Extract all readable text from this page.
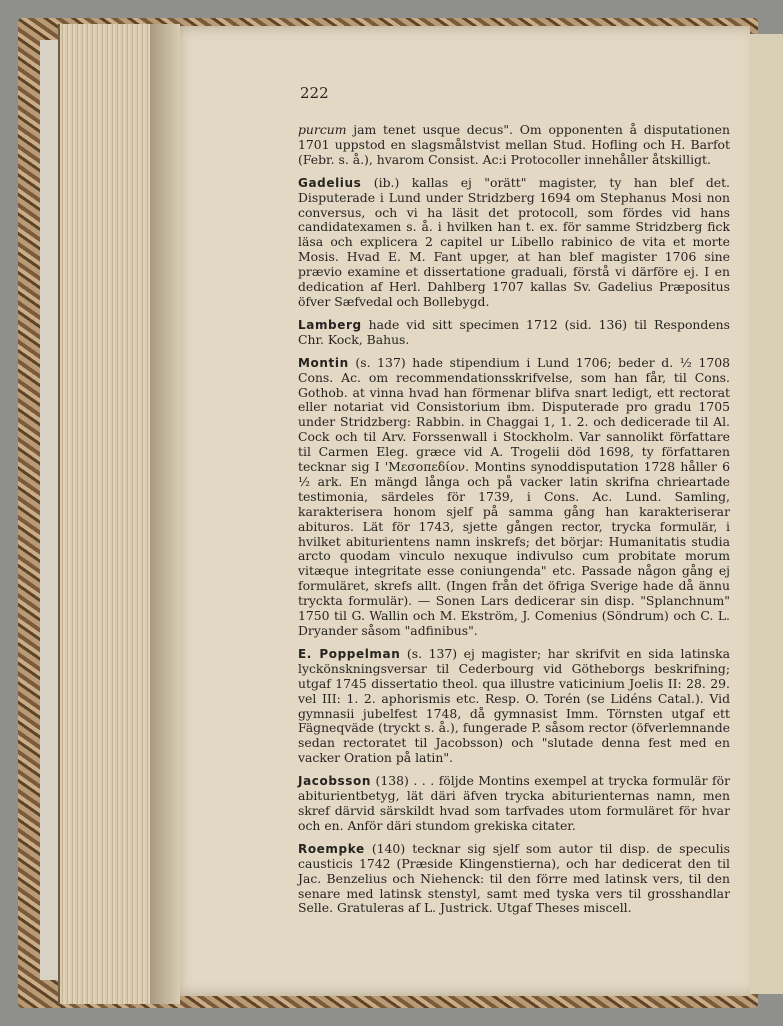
222

purcum jam tenet usque decus". Om opponenten å disputationen 1701 uppstod en slagsmålstvist mellan Stud. Hofling och H. Barfot (Febr. s. å.), hvarom Consist. Ac:i Protocoller innehåller åtskilligt.

Gadelius (ib.) kallas ej "orätt" magister, ty han blef det. Disputerade i Lund under Stridzberg 1694 om Stephanus Mosi non conversus, och vi ha läsit det protocoll, som fördes vid hans candidatexamen s. å. i hvilken han t. ex. för samme Stridzberg fick läsa och explicera 2 capitel ur Libello rabinico de vita et morte Mosis. Hvad E. M. Fant upger, at han blef magister 1706 sine prævio examine et dissertatione graduali, förstå vi därföre ej. I en dedication af Herl. Dahlberg 1707 kallas Sv. Gadelius Præpositus öfver Sæfvedal och Bollebygd.

Lamberg hade vid sitt specimen 1712 (sid. 136) til Respondens Chr. Kock, Bahus.

Montin (s. 137) hade stipendium i Lund 1706; beder d. ½ 1708 Cons. Ac. om recommendationsskrifvelse, som han får, til Cons. Gothob. at vinna hvad han förmenar blifva snart ledigt, ett rectorat eller notariat vid Consistorium ibm. Disputerade pro gradu 1705 under Stridzberg: Rabbin. in Chaggai 1, 1. 2. och dedicerade til Al. Cock och til Arv. Forssenwall i Stockholm. Var sannolikt författare til Carmen Eleg. græce vid A. Trogelii död 1698, ty författaren tecknar sig Ι 'Μεσοπεδίον. Montins synoddisputation 1728 håller 6 ½ ark. En mängd långa och på vacker latin skrifna chrieartade testimonia, särdeles för 1739, i Cons. Ac. Lund. Samling, karakterisera honom sjelf på samma gång han karakteriserar abituros. Lät för 1743, sjette gången rector, trycka formulär, i hvilket abiturientens namn inskrefs; det börjar: Humanitatis studia arcto quodam vinculo nexuque indivulso cum probitate morum vitæque integritate esse coniungenda" etc. Passade någon gång ej formuläret, skrefs allt. (Ingen från det öfriga Sverige hade då ännu tryckta formulär). — Sonen Lars dedicerar sin disp. "Splanchnum" 1750 til G. Wallin och M. Ekström, J. Comenius (Söndrum) och C. L. Dryander såsom "adfinibus".

E. Poppelman (s. 137) ej magister; har skrifvit en sida latinska lyckönskningsversar til Cederbourg vid Götheborgs beskrifning; utgaf 1745 dissertatio theol. qua illustre vaticinium Joelis II: 28. 29. vel III: 1. 2. aphorismis etc. Resp. O. Torén (se Lidéns Catal.). Vid gymnasii jubelfest 1748, då gymnasist Imm. Törnsten utgaf ett Fägneqväde (tryckt s. å.), fungerade P. såsom rector (öfverlemnande sedan rectoratet til Jacobsson) och "slutade denna fest med en vacker Oration på latin".

Jacobsson (138) . . . följde Montins exempel at trycka formulär för abiturientbetyg, lät däri äfven trycka abiturienternas namn, men skref därvid särskildt hvad som tarfvades utom formuläret för hvar och en. Anför däri stundom grekiska citater.

Roempke (140) tecknar sig sjelf som autor til disp. de speculis causticis 1742 (Præside Klingenstierna), och har dedicerat den til Jac. Benzelius och Niehenck: til den förre med latinsk vers, til den senare med latinsk stenstyl, samt med tyska vers til grosshandlar Selle. Gratuleras af L. Justrick. Utgaf Theses miscell.
